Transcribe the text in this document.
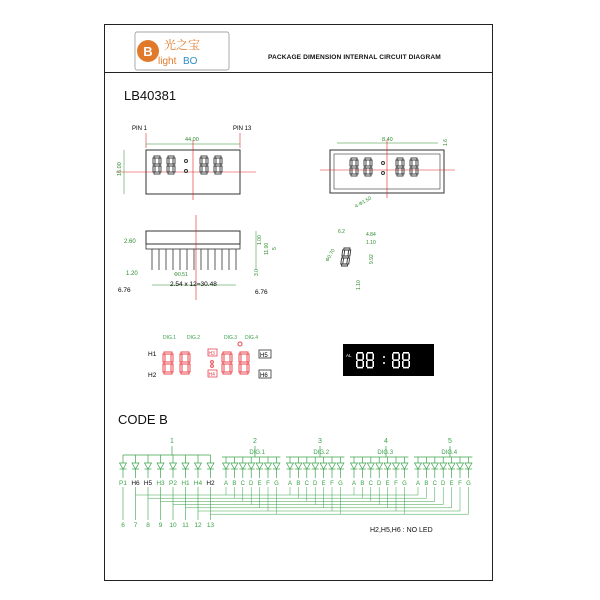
B 光之宝
light BO	PACKAGE DIMENSION INTERNAL CIRCUIT DIAGRAM
LB40381
PIN 1	PIN 13
44.00
16.00
8.40	1.6
4-Φ1.50
2.60
1.20	Φ0.51
2.54 x 12=30.48
6.76	6.76
1.00
11.00 5
3.0
6.2	4.84
1.10
Φ0.70	9.92
1.10
DIG.1 DIG.2	DIG.3 DIG.4
H1
H2
H3
H4
H5
H6
AL
CODE B
1	2	3	4	5
P1
6
H6
7
H5
8
H3
9
P2
10
H1
11
H4
12
H2
13
DIG.1
A B C D E F G
DIG.2
A B C D E F G
DIG.3
A B C D E F G
DIG.4
A B C D E F G
H2,H5,H6 : NO LED
